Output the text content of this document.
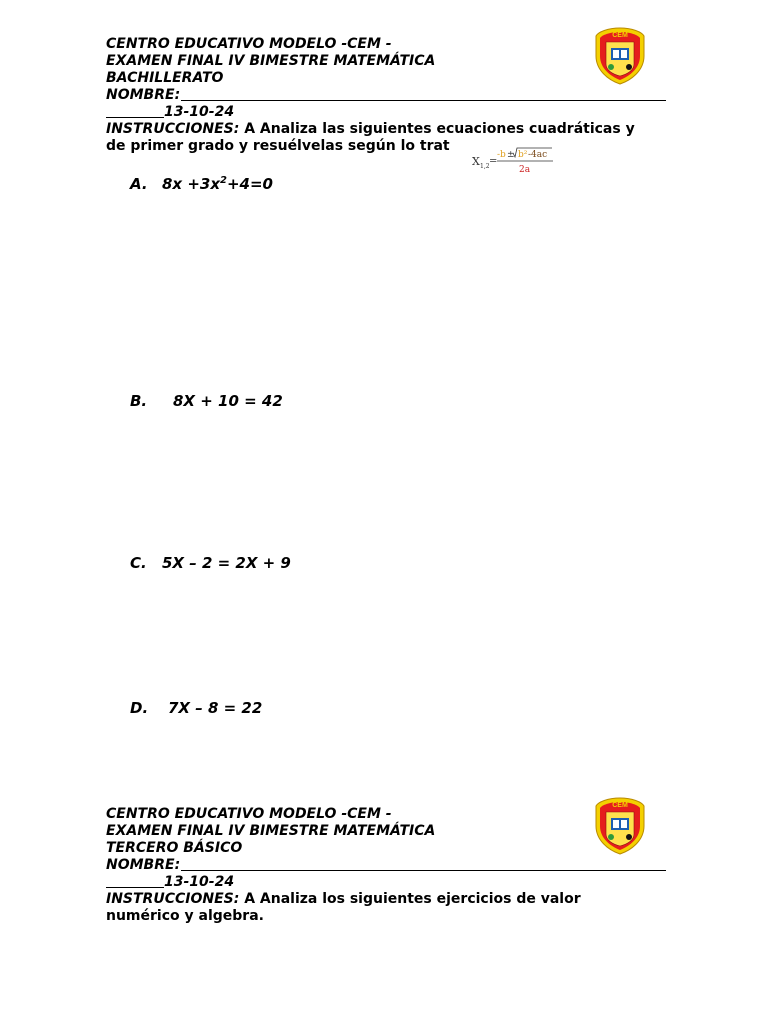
CENTRO EDUCATIVO MODELO -CEM -
EXAMEN FINAL IV BIMESTRE MATEMÁTICA
BACHILLERATO
NOMBRE:
13-10-24
INSTRUCCIONES: A Analiza las siguientes ecuaciones cuadráticas y de primer grado y resuélvelas según lo trat
CEM
X 1,2 =
-b ± b² -4ac
2a
A. $8x +3x^2+4=0$
B. 8X + 10 = 42
C. 5X – 2 = 2X + 9
D. 7X – 8 = 22
CENTRO EDUCATIVO MODELO -CEM -
EXAMEN FINAL IV BIMESTRE MATEMÁTICA
TERCERO BÁSICO
NOMBRE:
13-10-24
INSTRUCCIONES: A Analiza los siguientes ejercicios de valor numérico y algebra.
CEM
